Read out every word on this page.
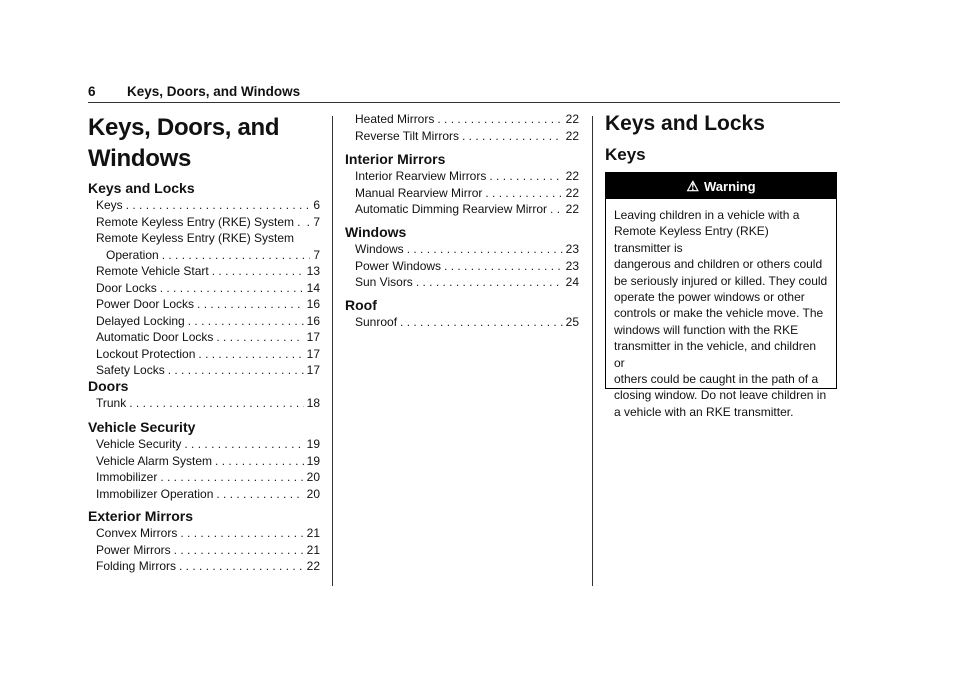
6 Keys, Doors, and Windows
Keys, Doors, and Windows
Keys and Locks
Keys . . .	6
Remote Keyless Entry (RKE) System . . . . 7
Remote Keyless Entry (RKE) System
Operation . . .	7
Remote Vehicle Start . . .	13
Door Locks . . .	14
Power Door Locks . . .	16
Delayed Locking . . .	16
Automatic Door Locks . . .	17
Lockout Protection . . .	17
Safety Locks . . .	17
Doors
Trunk . . .	18
Vehicle Security
Vehicle Security . . .	19
Vehicle Alarm System . . .	19
Immobilizer . . .	20
Immobilizer Operation . . .	20
Exterior Mirrors
Convex Mirrors . . .	21
Power Mirrors . . .	21
Folding Mirrors . . .	22
Heated Mirrors . . .	22
Reverse Tilt Mirrors . . .	22
Interior Mirrors
Interior Rearview Mirrors . . .	22
Manual Rearview Mirror . . .	22
Automatic Dimming Rearview Mirror . . . 22
Windows
Windows . . .	23
Power Windows . . .	23
Sun Visors . . .	24
Roof
Sunroof . . .	25
Keys and Locks
Keys
⚠ Warning
Leaving children in a vehicle with a
Remote Keyless Entry (RKE) transmitter is
dangerous and children or others could
be seriously injured or killed. They could
operate the power windows or other
controls or make the vehicle move. The
windows will function with the RKE
transmitter in the vehicle, and children or
others could be caught in the path of a
closing window. Do not leave children in
a vehicle with an RKE transmitter.
